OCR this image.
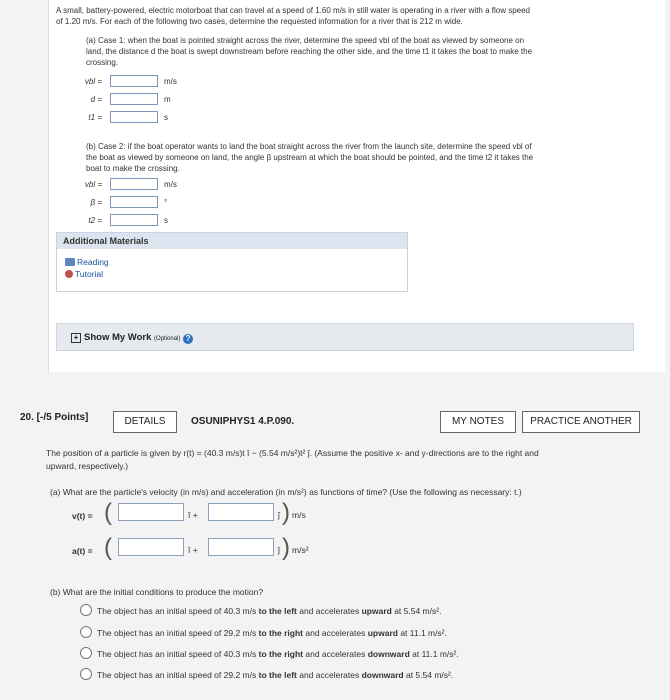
A small, battery-powered, electric motorboat that can travel at a speed of 1.60 m/s in still water is operating in a river with a flow speed
of 1.20 m/s. For each of the following two cases, determine the requested information for a river that is 212 m wide.
(a) Case 1: when the boat is pointed straight across the river, determine the speed vbl of the boat as viewed by someone on
land, the distance d the boat is swept downstream before reaching the other side, and the time t1 it takes the boat to make the
crossing.
vbl =	m/s
d =	m
t1 =	s
(b) Case 2: if the boat operator wants to land the boat straight across the river from the launch site, determine the speed vbl of
the boat as viewed by someone on land, the angle β upstream at which the boat should be pointed, and the time t2 it takes the
boat to make the crossing.
vbl =	m/s
β =	°
t2 =	s
Additional Materials
Reading
Tutorial
+ Show My Work (Optional) ?
20. [-/5 Points]	DETAILS	OSUNIPHYS1 4.P.090.	MY NOTES	PRACTICE ANOTHER
The position of a particle is given by r(t) = (40.3 m/s)t î − (5.54 m/s²)t² ĵ. (Assume the positive x- and y-directions are to the right and
upward, respectively.)
(a) What are the particle's velocity (in m/s) and acceleration (in m/s²) as functions of time? (Use the following as necessary: t.)
v(t) = (	î +	ĵ ) m/s
a(t) = (	î +	ĵ ) m/s²
(b) What are the initial conditions to produce the motion?
The object has an initial speed of 40.3 m/s to the left and accelerates upward at 5.54 m/s².
The object has an initial speed of 29.2 m/s to the right and accelerates upward at 11.1 m/s².
The object has an initial speed of 40.3 m/s to the right and accelerates downward at 11.1 m/s².
The object has an initial speed of 29.2 m/s to the left and accelerates downward at 5.54 m/s².
